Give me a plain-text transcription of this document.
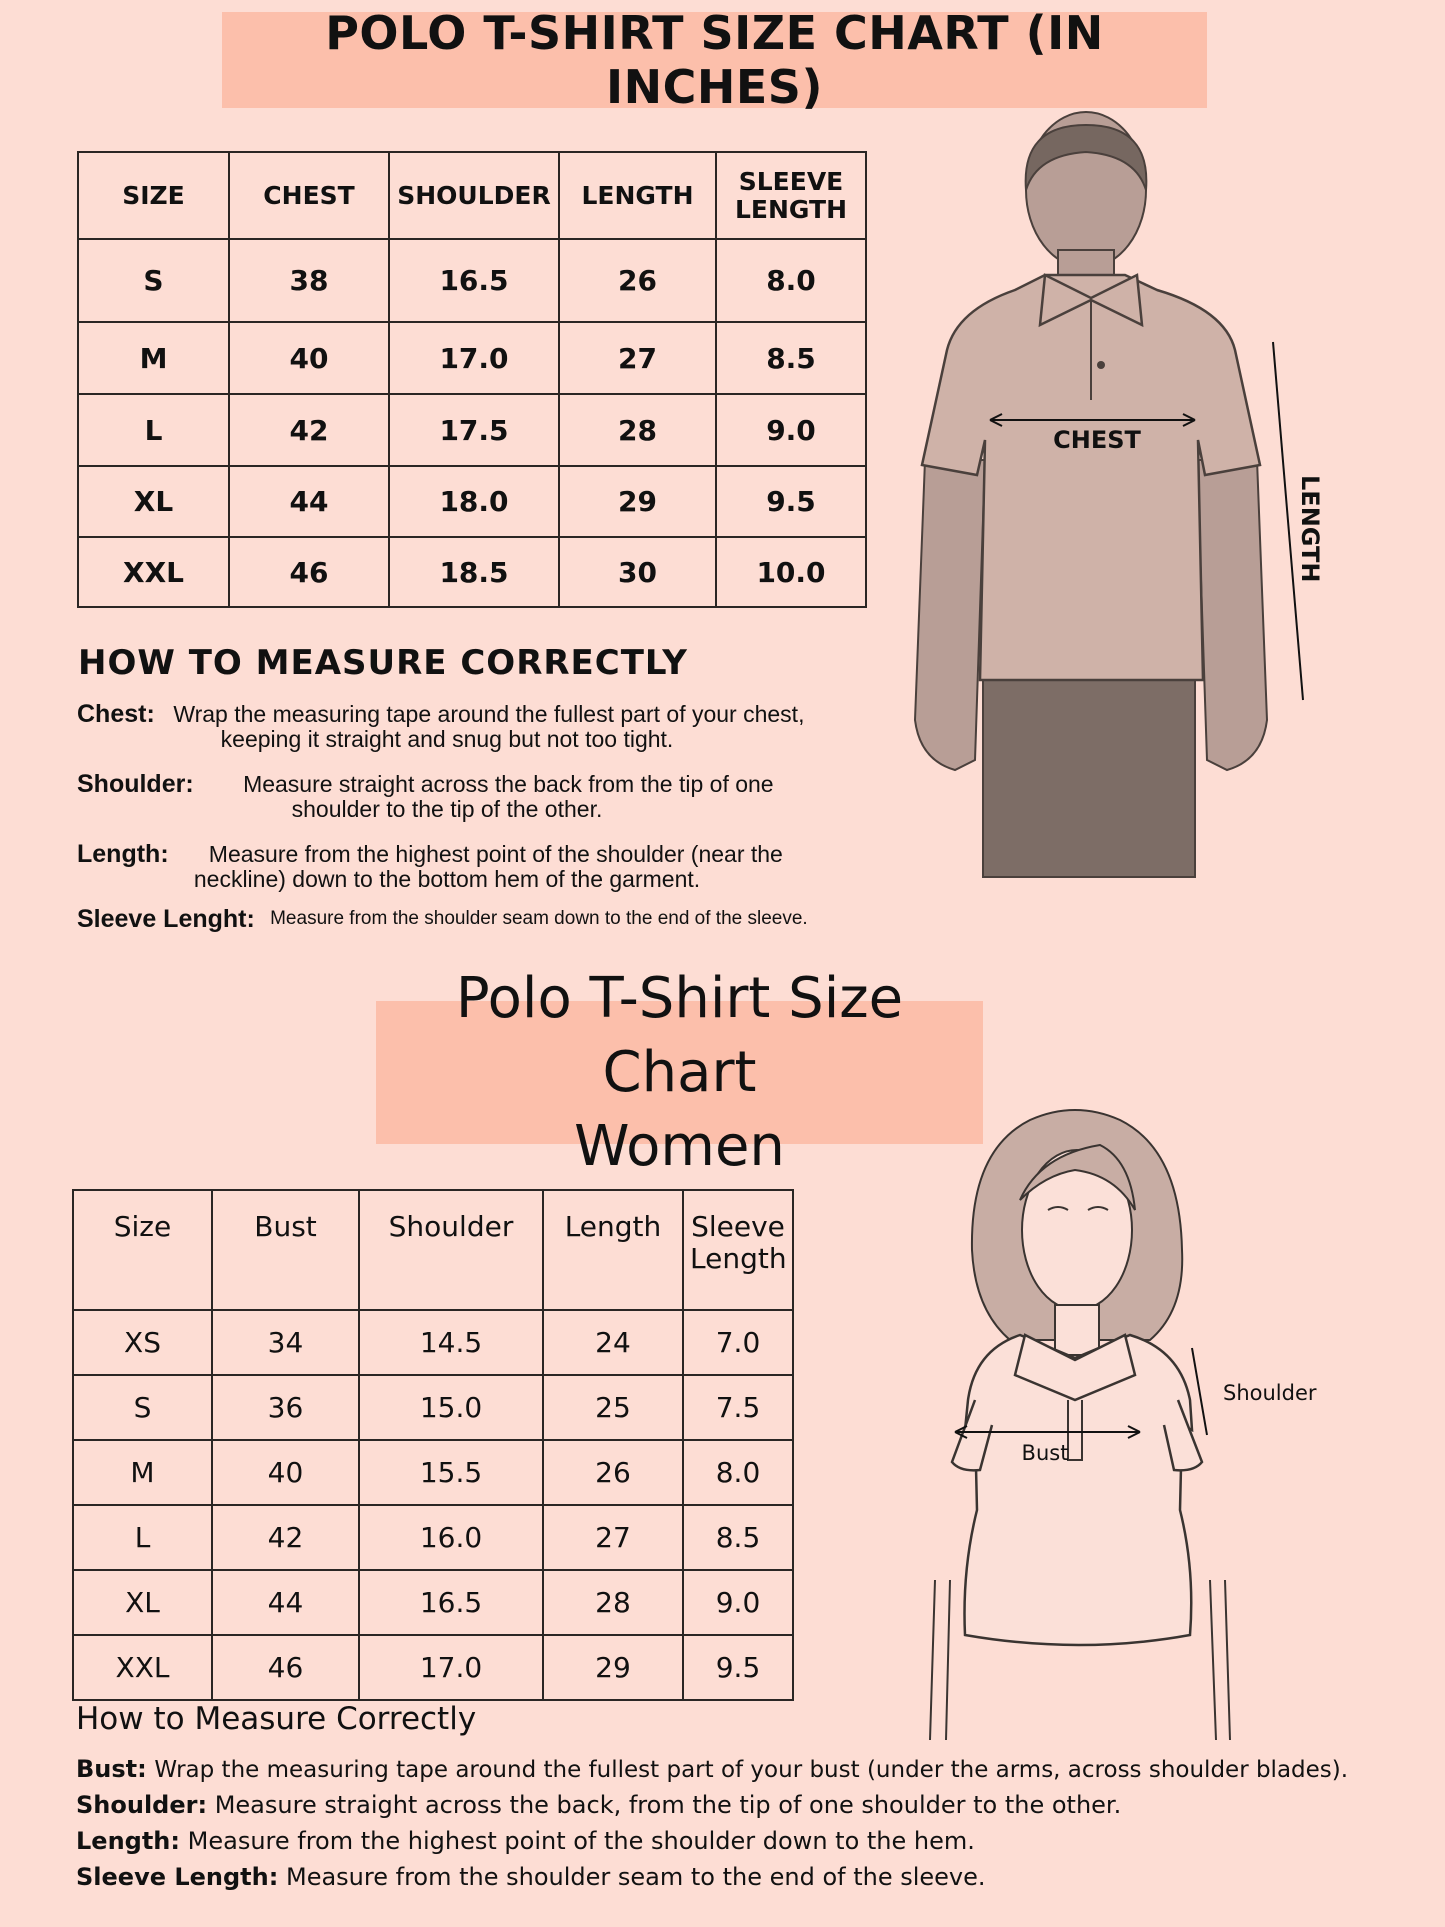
POLO T-SHIRT SIZE CHART (IN INCHES)
SIZE	CHEST	SHOULDER	LENGTH	SLEEVE LENGTH
S	38	16.5	26	8.0
M	40	17.0	27	8.5
L	42	17.5	28	9.0
XL	44	18.0	29	9.5
XXL	46	18.5	30	10.0
HOW TO MEASURE CORRECTLY
Chest: Wrap the measuring tape around the fullest part of your chest, keeping it straight and snug but not too tight.
Shoulder: Measure straight across the back from the tip of one shoulder to the tip of the other.
Length: Measure from the highest point of the shoulder (near the neckline) down to the bottom hem of the garment.
Sleeve Lenght: Measure from the shoulder seam down to the end of the sleeve.
CHEST
LENGTH
Polo T-Shirt Size Chart
Women
Size	Bust	Shoulder	Length	Sleeve Length
XS	34	14.5	24	7.0
S	36	15.0	25	7.5
M	40	15.5	26	8.0
L	42	16.0	27	8.5
XL	44	16.5	28	9.0
XXL	46	17.0	29	9.5
Bust
Shoulder
How to Measure Correctly
Bust: Wrap the measuring tape around the fullest part of your bust (under the arms, across shoulder blades).
Shoulder: Measure straight across the back, from the tip of one shoulder to the other.
Length: Measure from the highest point of the shoulder down to the hem.
Sleeve Length: Measure from the shoulder seam to the end of the sleeve.
